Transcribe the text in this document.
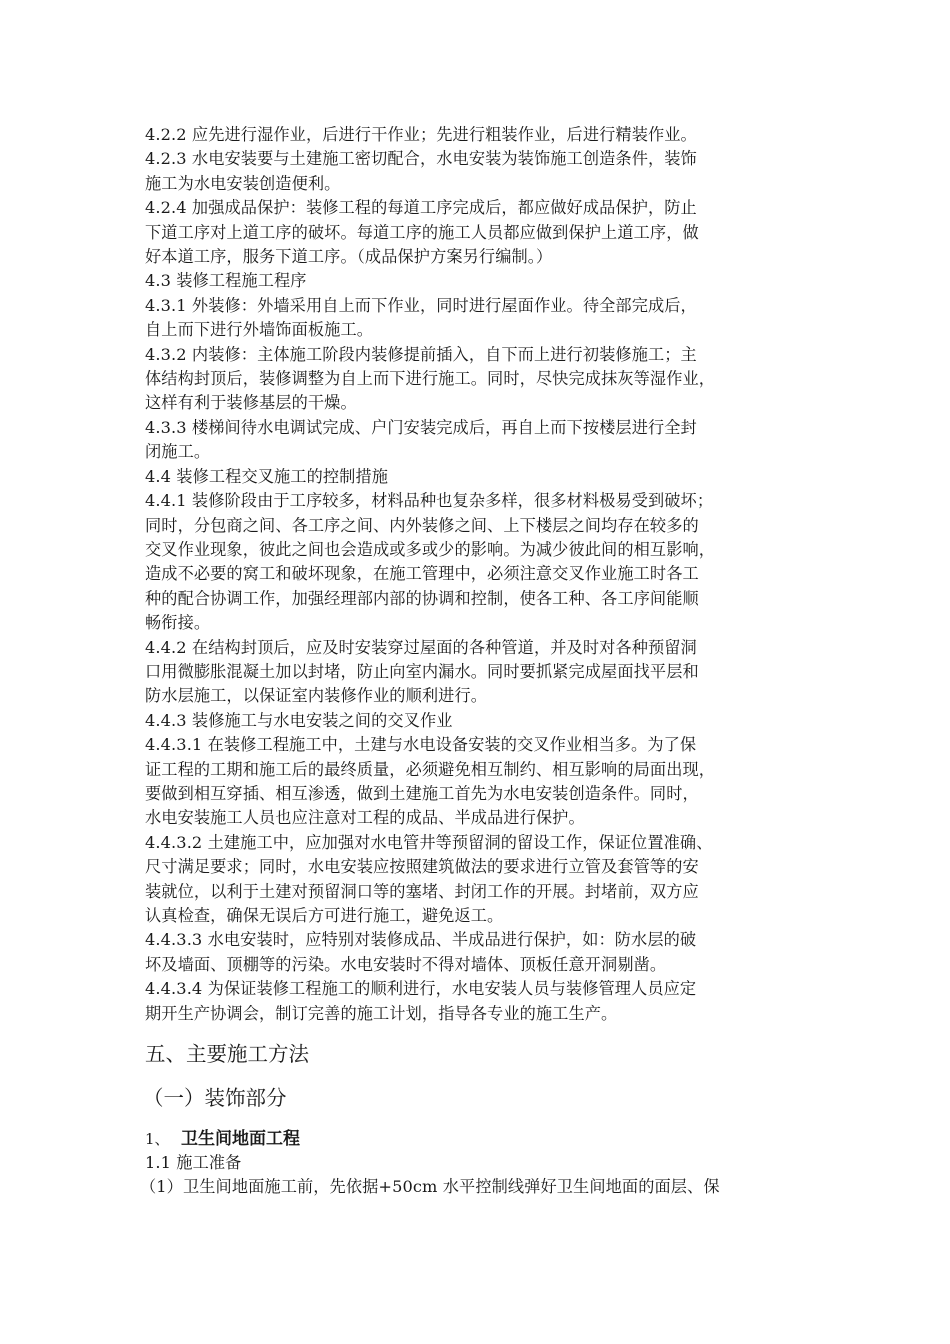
4.2.2 应先进行湿作业，后进行干作业；先进行粗装作业，后进行精装作业。
4.2.3 水电安装要与土建施工密切配合，水电安装为装饰施工创造条件，装饰
施工为水电安装创造便利。
4.2.4 加强成品保护：装修工程的每道工序完成后，都应做好成品保护，防止
下道工序对上道工序的破坏。每道工序的施工人员都应做到保护上道工序，做
好本道工序，服务下道工序。（成品保护方案另行编制。）
4.3 装修工程施工程序
4.3.1 外装修：外墙采用自上而下作业，同时进行屋面作业。待全部完成后，
自上而下进行外墙饰面板施工。
4.3.2 内装修：主体施工阶段内装修提前插入，自下而上进行初装修施工；主
体结构封顶后，装修调整为自上而下进行施工。同时，尽快完成抹灰等湿作业，
这样有利于装修基层的干燥。
4.3.3 楼梯间待水电调试完成、户门安装完成后，再自上而下按楼层进行全封
闭施工。
4.4 装修工程交叉施工的控制措施
4.4.1 装修阶段由于工序较多，材料品种也复杂多样，很多材料极易受到破坏；
同时，分包商之间、各工序之间、内外装修之间、上下楼层之间均存在较多的
交叉作业现象，彼此之间也会造成或多或少的影响。为减少彼此间的相互影响，
造成不必要的窝工和破坏现象，在施工管理中，必须注意交叉作业施工时各工
种的配合协调工作，加强经理部内部的协调和控制，使各工种、各工序间能顺
畅衔接。
4.4.2 在结构封顶后，应及时安装穿过屋面的各种管道，并及时对各种预留洞
口用微膨胀混凝土加以封堵，防止向室内漏水。同时要抓紧完成屋面找平层和
防水层施工，以保证室内装修作业的顺利进行。
4.4.3 装修施工与水电安装之间的交叉作业
4.4.3.1 在装修工程施工中，土建与水电设备安装的交叉作业相当多。为了保
证工程的工期和施工后的最终质量，必须避免相互制约、相互影响的局面出现，
要做到相互穿插、相互渗透，做到土建施工首先为水电安装创造条件。同时，
水电安装施工人员也应注意对工程的成品、半成品进行保护。
4.4.3.2 土建施工中，应加强对水电管井等预留洞的留设工作，保证位置准确、
尺寸满足要求；同时，水电安装应按照建筑做法的要求进行立管及套管等的安
装就位，以利于土建对预留洞口等的塞堵、封闭工作的开展。封堵前，双方应
认真检查，确保无误后方可进行施工，避免返工。
4.4.3.3 水电安装时，应特别对装修成品、半成品进行保护，如：防水层的破
坏及墙面、顶棚等的污染。水电安装时不得对墙体、顶板任意开洞剔凿。
4.4.3.4 为保证装修工程施工的顺利进行，水电安装人员与装修管理人员应定
期开生产协调会，制订完善的施工计划，指导各专业的施工生产。
五、主要施工方法
（一）装饰部分
1、 卫生间地面工程
1.1 施工准备
（1）卫生间地面施工前，先依据+50cm 水平控制线弹好卫生间地面的面层、保
